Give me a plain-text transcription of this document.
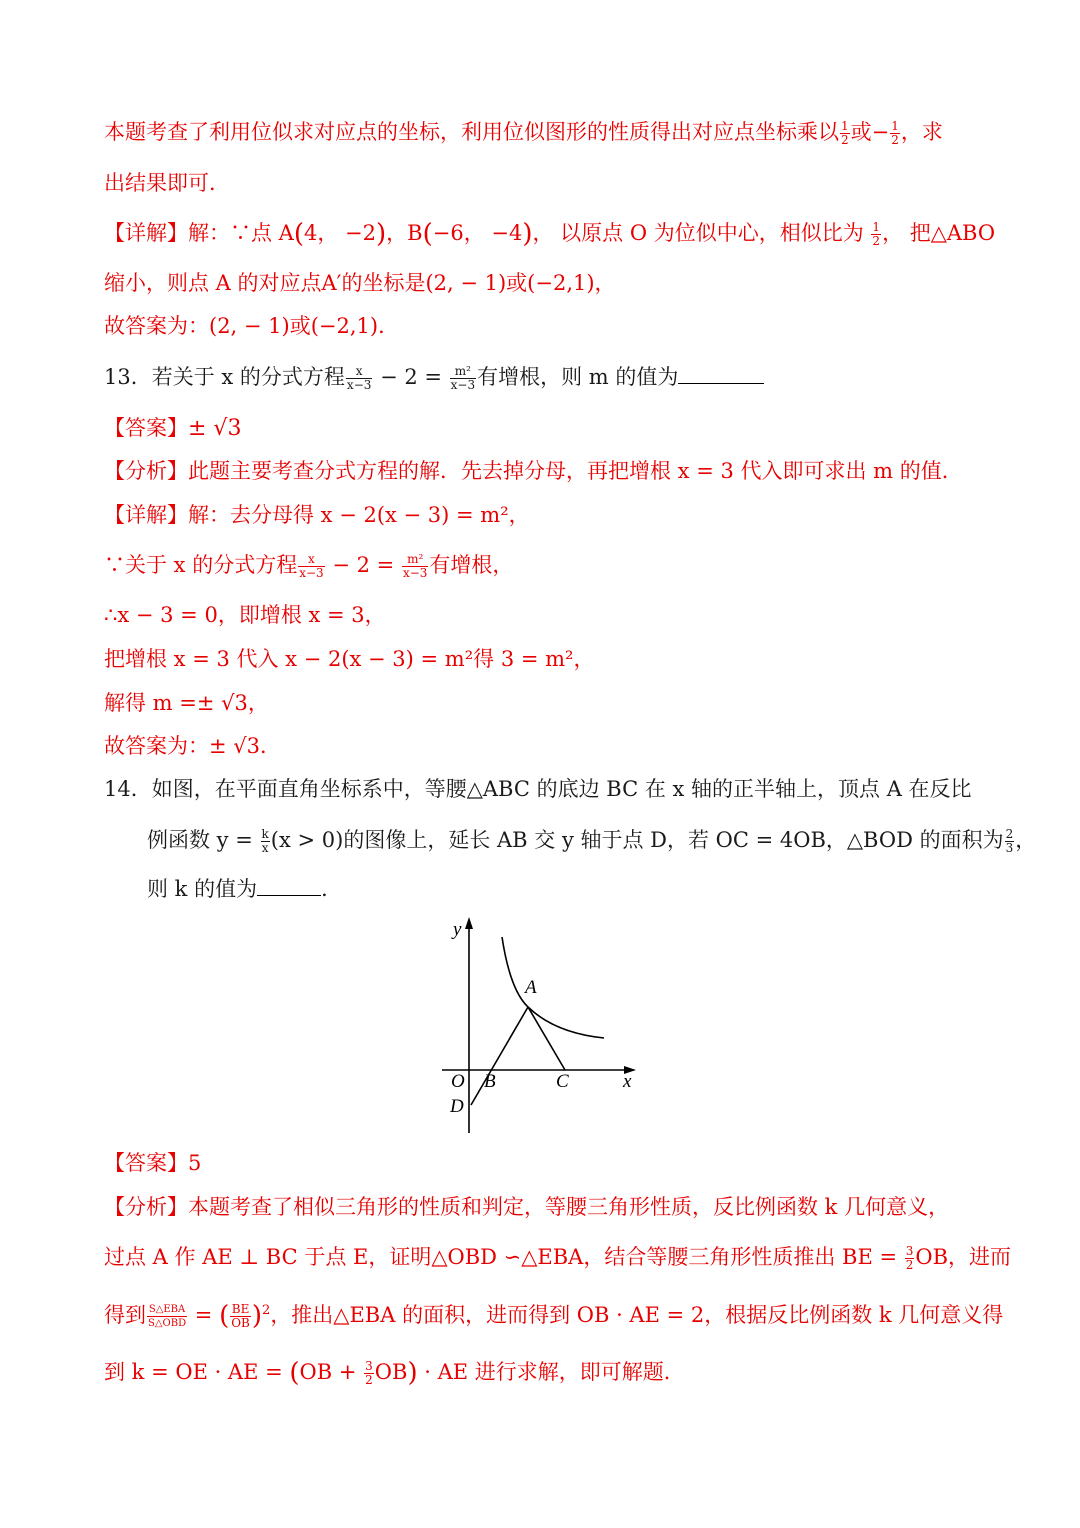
本题考查了利用位似求对应点的坐标，利用位似图形的性质得出对应点坐标乘以 $\frac{1}{2}$ 或− $\frac{1}{2}$ ，求
出结果即可．
【详解】解：∵点 A(4， −2)，B(−6， −4)， 以原点 O 为位似中心，相似比为 $\frac{1}{2}$ ， 把△ABO
缩小，则点 A 的对应点A′的坐标是(2, − 1)或(−2,1)，
故答案为：(2, − 1)或(−2,1)．
13．若关于 x 的分式方程 $\frac{x}{x-3} - 2 = \frac{\text{m²}}{x-3}$ 有增根，则 m 的值为
【答案】± √3
【分析】此题主要考查分式方程的解．先去掉分母，再把增根 x = 3 代入即可求出 m 的值．
【详解】解：去分母得 x − 2(x − 3) = m²，
∵关于 x 的分式方程 $\frac{x}{x-3} - 2 = \frac{\text{m²}}{x-3}$ 有增根，
∴x − 3 = 0，即增根 x = 3，
把增根 x = 3 代入 x − 2(x − 3) = m²得 3 = m²，
解得 m =± √3，
故答案为：± √3．
14．如图，在平面直角坐标系中，等腰△ABC 的底边 BC 在 x 轴的正半轴上，顶点 A 在反比
例函数 $y = \frac{k}{x} (x > 0)$的图像上，延长 AB 交 y 轴于点 D，若 OC = 4OB，△BOD 的面积为 $\frac{2}{3}$ ，
则 k 的值为	．
y
x
A
O B	C
D
【答案】5
【分析】本题考查了相似三角形的性质和判定，等腰三角形性质，反比例函数 k 几何意义，
过点 A 作 AE ⊥ BC 于点 E，证明△OBD ∽△EBA，结合等腰三角形性质推出 BE = $\frac{3}{2}$ OB，进而
得到 $\frac{\text{S△EBA}}{\text{S△OBD}}$ = ( $\frac{BE}{OB} )^2$，推出△EBA 的面积，进而得到 OB · AE = 2，根据反比例函数 k 几何意义得
到 k = OE · AE = $(OB + \frac{3}{2} OB)$ · AE 进行求解，即可解题．
